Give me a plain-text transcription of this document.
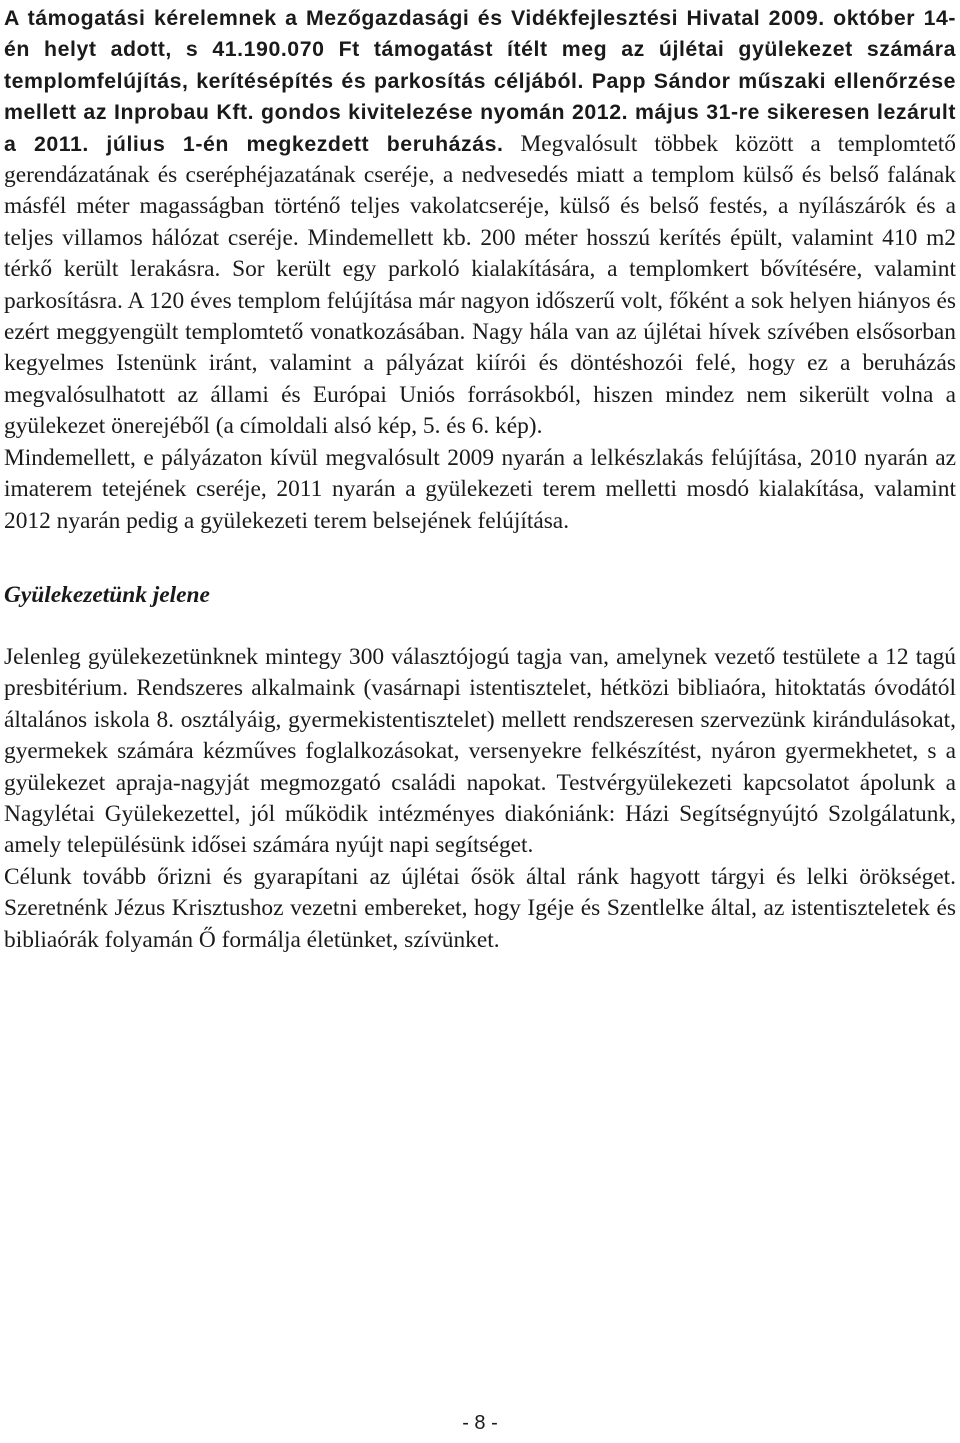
A támogatási kérelemnek a Mezőgazdasági és Vidékfejlesztési Hivatal 2009. október 14-én helyt adott, s 41.190.070 Ft támogatást ítélt meg az újlétai gyülekezet számára templomfelújítás, kerítésépítés és parkosítás céljából. Papp Sándor műszaki ellenőrzése mellett az Inprobau Kft. gondos kivitelezése nyomán 2012. május 31-re sikeresen lezárult a 2011. július 1-én megkezdett beruházás. Megvalósult többek között a templomtető gerendázatának és cseréphéjazatának cseréje, a nedvesedés miatt a templom külső és belső falának másfél méter magasságban történő teljes vakolatcseréje, külső és belső festés, a nyílászárók és a teljes villamos hálózat cseréje. Mindemellett kb. 200 méter hosszú kerítés épült, valamint 410 m2 térkő került lerakásra. Sor került egy parkoló kialakítására, a templomkert bővítésére, valamint parkosításra. A 120 éves templom felújítása már nagyon időszerű volt, főként a sok helyen hiányos és ezért meggyengült templomtető vonatkozásában. Nagy hála van az újlétai hívek szívében elsősorban kegyelmes Istenünk iránt, valamint a pályázat kiírói és döntéshozói felé, hogy ez a beruházás megvalósulhatott az állami és Európai Uniós forrásokból, hiszen mindez nem sikerült volna a gyülekezet önerejéből (a címoldali alsó kép, 5. és 6. kép).

Mindemellett, e pályázaton kívül megvalósult 2009 nyarán a lelkészlakás felújítása, 2010 nyarán az imaterem tetejének cseréje, 2011 nyarán a gyülekezeti terem melletti mosdó kialakítása, valamint 2012 nyarán pedig a gyülekezeti terem belsejének felújítása.

Gyülekezetünk jelene

Jelenleg gyülekezetünknek mintegy 300 választójogú tagja van, amelynek vezető testülete a 12 tagú presbitérium. Rendszeres alkalmaink (vasárnapi istentisztelet, hétközi bibliaóra, hitoktatás óvodától általános iskola 8. osztályáig, gyermekistentisztelet) mellett rendszeresen szervezünk kirándulásokat, gyermekek számára kézműves foglalkozásokat, versenyekre felkészítést, nyáron gyermekhetet, s a gyülekezet apraja-nagyját megmozgató családi napokat. Testvérgyülekezeti kapcsolatot ápolunk a Nagylétai Gyülekezettel, jól működik intézményes diakóniánk: Házi Segítségnyújtó Szolgálatunk, amely településünk idősei számára nyújt napi segítséget.

Célunk tovább őrizni és gyarapítani az újlétai ősök által ránk hagyott tárgyi és lelki örökséget. Szeretnénk Jézus Krisztushoz vezetni embereket, hogy Igéje és Szentlelke által, az istentiszteletek és bibliaórák folyamán Ő formálja életünket, szívünket.

- 8 -
